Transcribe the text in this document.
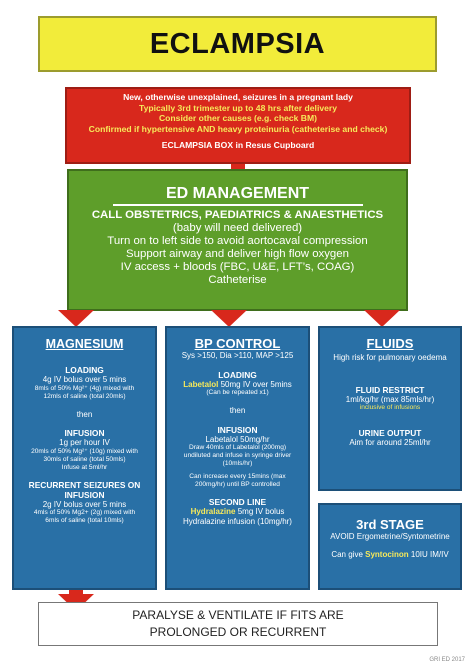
ECLAMPSIA
New, otherwise unexplained, seizures in a pregnant lady
Typically 3rd trimester up to 48 hrs after delivery
Consider other causes (e.g. check BM)
Confirmed if hypertensive AND heavy proteinuria (catheterise and check)
ECLAMPSIA BOX in Resus Cupboard
ED MANAGEMENT
CALL OBSTETRICS, PAEDIATRICS & ANAESTHETICS
(baby will need delivered)
Turn on to left side to avoid aortocaval compression
Support airway and deliver high flow oxygen
IV access + bloods (FBC, U&E, LFT’s, COAG)
Catheterise
MAGNESIUM
LOADING
4g IV bolus over 5 mins
8mls of 50% Mg²⁺ (4g) mixed with
12mls of saline (total 20mls)
then
INFUSION
1g per hour IV
20mls of 50% Mg²⁺ (10g) mixed with
30mls of saline (total 50mls)
Infuse at 5ml/hr
RECURRENT SEIZURES ON
INFUSION
2g IV bolus over 5 mins
4mls of 50% Mg2+ (2g) mixed with
6mls of saline (total 10mls)
BP CONTROL
Sys >150, Dia >110, MAP >125
LOADING
Labetalol 50mg IV over 5mins
(Can be repeated x1)
then
INFUSION
Labetalol 50mg/hr
Draw 40mls of Labetalol (200mg)
undiluted and infuse in syringe driver
(10mls/hr)
Can increase every 15mins (max
200mg/hr) until BP controlled
SECOND LINE
Hydralazine 5mg IV bolus
Hydralazine infusion (10mg/hr)
FLUIDS
High risk for pulmonary oedema
FLUID RESTRICT
1ml/kg/hr (max 85mls/hr)
inclusive of infusions
URINE OUTPUT
Aim for around 25ml/hr
3rd STAGE
AVOID Ergometrine/Syntometrine
Can give Syntocinon 10IU IM/IV
PARALYSE & VENTILATE IF FITS ARE
PROLONGED OR RECURRENT
GRI ED 2017
